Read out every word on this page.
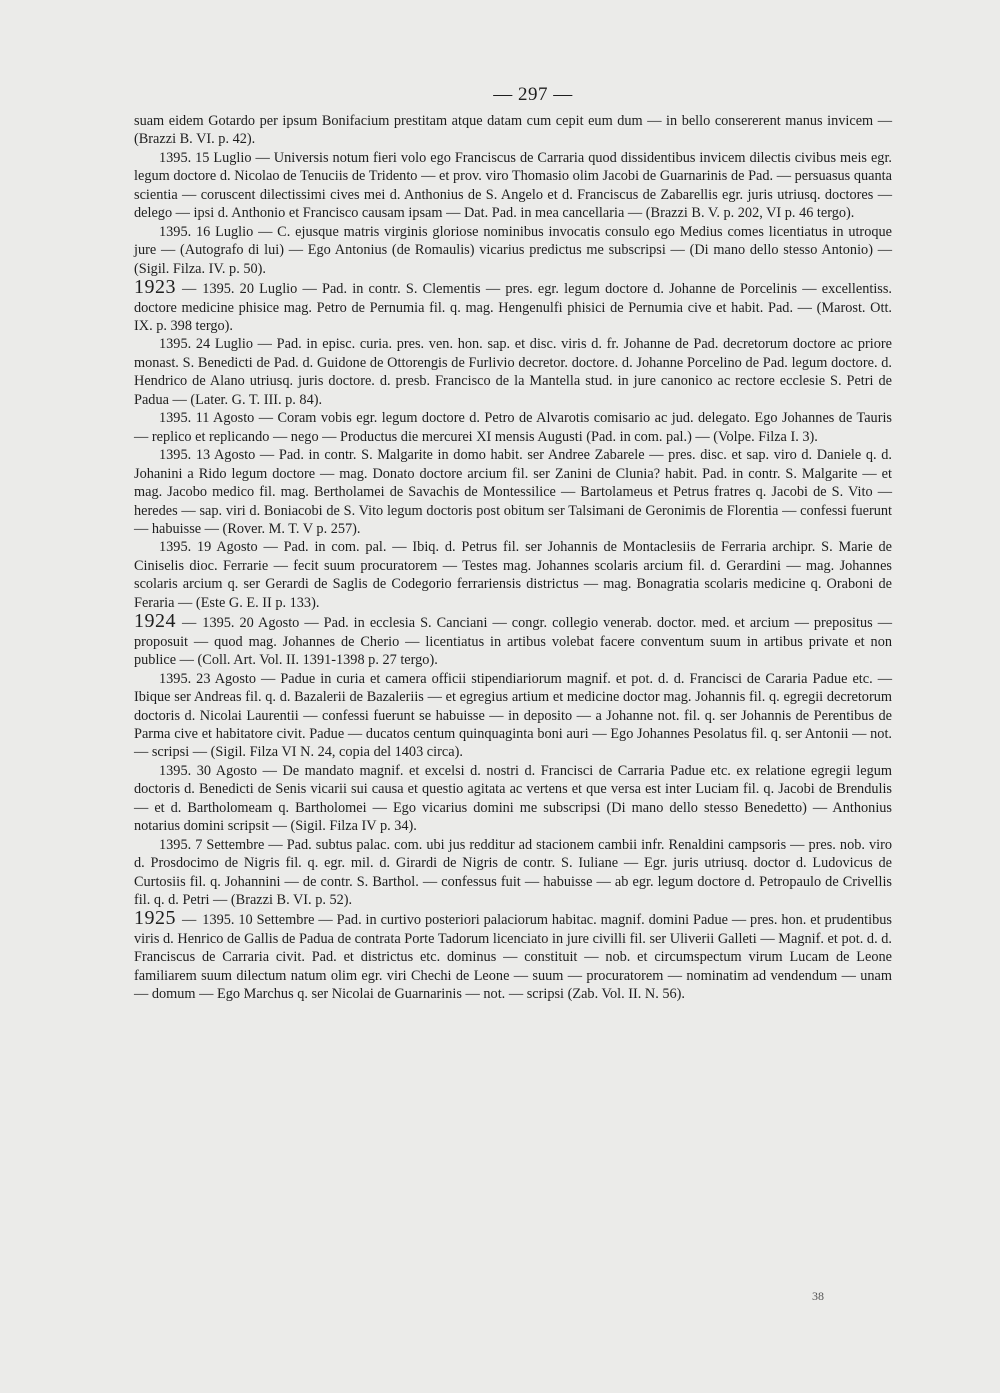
— 297 —

suam eidem Gotardo per ipsum Bonifacium prestitam atque datam cum cepit eum dum — in bello consererent manus invicem — (Brazzi B. VI. p. 42).

1395. 15 Luglio — Universis notum fieri volo ego Franciscus de Carraria quod dissidentibus invicem dilectis civibus meis egr. legum doctore d. Nicolao de Tenuciis de Tridento — et prov. viro Thomasio olim Jacobi de Guarnarinis de Pad. — persuasus quanta scientia — coruscent dilectissimi cives mei d. Anthonius de S. Angelo et d. Franciscus de Zabarellis egr. juris utriusq. doctores — delego — ipsi d. Anthonio et Francisco causam ipsam — Dat. Pad. in mea cancellaria — (Brazzi B. V. p. 202, VI p. 46 tergo).

1395. 16 Luglio — C. ejusque matris virginis gloriose nominibus invocatis consulo ego Medius comes licentiatus in utroque jure — (Autografo di lui) — Ego Antonius (de Romaulis) vicarius predictus me subscripsi — (Di mano dello stesso Antonio) — (Sigil. Filza. IV. p. 50).

1923 — 1395. 20 Luglio — Pad. in contr. S. Clementis — pres. egr. legum doctore d. Johanne de Porcelinis — excellentiss. doctore medicine phisice mag. Petro de Pernumia fil. q. mag. Hengenulfi phisici de Pernumia cive et habit. Pad. — (Marost. Ott. IX. p. 398 tergo).

1395. 24 Luglio — Pad. in episc. curia. pres. ven. hon. sap. et disc. viris d. fr. Johanne de Pad. decretorum doctore ac priore monast. S. Benedicti de Pad. d. Guidone de Ottorengis de Furlivio decretor. doctore. d. Johanne Porcelino de Pad. legum doctore. d. Hendrico de Alano utriusq. juris doctore. d. presb. Francisco de la Mantella stud. in jure canonico ac rectore ecclesie S. Petri de Padua — (Later. G. T. III. p. 84).

1395. 11 Agosto — Coram vobis egr. legum doctore d. Petro de Alvarotis comisario ac jud. delegato. Ego Johannes de Tauris — replico et replicando — nego — Productus die mercurei XI mensis Augusti (Pad. in com. pal.) — (Volpe. Filza I. 3).

1395. 13 Agosto — Pad. in contr. S. Malgarite in domo habit. ser Andree Zabarele — pres. disc. et sap. viro d. Daniele q. d. Johanini a Rido legum doctore — mag. Donato doctore arcium fil. ser Zanini de Clunia? habit. Pad. in contr. S. Malgarite — et mag. Jacobo medico fil. mag. Bertholamei de Savachis de Montessilice — Bartolameus et Petrus fratres q. Jacobi de S. Vito — heredes — sap. viri d. Boniacobi de S. Vito legum doctoris post obitum ser Talsimani de Geronimis de Florentia — confessi fuerunt — habuisse — (Rover. M. T. V p. 257).

1395. 19 Agosto — Pad. in com. pal. — Ibiq. d. Petrus fil. ser Johannis de Montaclesiis de Ferraria archipr. S. Marie de Ciniselis dioc. Ferrarie — fecit suum procuratorem — Testes mag. Johannes scolaris arcium fil. d. Gerardini — mag. Johannes scolaris arcium q. ser Gerardi de Saglis de Codegorio ferrariensis districtus — mag. Bonagratia scolaris medicine q. Oraboni de Feraria — (Este G. E. II p. 133).

1924 — 1395. 20 Agosto — Pad. in ecclesia S. Canciani — congr. collegio venerab. doctor. med. et arcium — prepositus — proposuit — quod mag. Johannes de Cherio — licentiatus in artibus volebat facere conventum suum in artibus private et non publice — (Coll. Art. Vol. II. 1391-1398 p. 27 tergo).

1395. 23 Agosto — Padue in curia et camera officii stipendiariorum magnif. et pot. d. d. Francisci de Cararia Padue etc. — Ibique ser Andreas fil. q. d. Bazalerii de Bazaleriis — et egregius artium et medicine doctor mag. Johannis fil. q. egregii decretorum doctoris d. Nicolai Laurentii — confessi fuerunt se habuisse — in deposito — a Johanne not. fil. q. ser Johannis de Perentibus de Parma cive et habitatore civit. Padue — ducatos centum quinquaginta boni auri — Ego Johannes Pesolatus fil. q. ser Antonii — not. — scripsi — (Sigil. Filza VI N. 24, copia del 1403 circa).

1395. 30 Agosto — De mandato magnif. et excelsi d. nostri d. Francisci de Carraria Padue etc. ex relatione egregii legum doctoris d. Benedicti de Senis vicarii sui causa et questio agitata ac vertens et que versa est inter Luciam fil. q. Jacobi de Brendulis — et d. Bartholomeam q. Bartholomei — Ego vicarius domini me subscripsi (Di mano dello stesso Benedetto) — Anthonius notarius domini scripsit — (Sigil. Filza IV p. 34).

1395. 7 Settembre — Pad. subtus palac. com. ubi jus redditur ad stacionem cambii infr. Renaldini campsoris — pres. nob. viro d. Prosdocimo de Nigris fil. q. egr. mil. d. Girardi de Nigris de contr. S. Iuliane — Egr. juris utriusq. doctor d. Ludovicus de Curtosiis fil. q. Johannini — de contr. S. Barthol. — confessus fuit — habuisse — ab egr. legum doctore d. Petropaulo de Crivellis fil. q. d. Petri — (Brazzi B. VI. p. 52).

1925 — 1395. 10 Settembre — Pad. in curtivo posteriori palaciorum habitac. magnif. domini Padue — pres. hon. et prudentibus viris d. Henrico de Gallis de Padua de contrata Porte Tadorum licenciato in jure civilli fil. ser Uliverii Galleti — Magnif. et pot. d. d. Franciscus de Carraria civit. Pad. et districtus etc. dominus — constituit — nob. et circumspectum virum Lucam de Leone familiarem suum dilectum natum olim egr. viri Chechi de Leone — suum — procuratorem — nominatim ad vendendum — unam — domum — Ego Marchus q. ser Nicolai de Guarnarinis — not. — scripsi (Zab. Vol. II. N. 56).

38
